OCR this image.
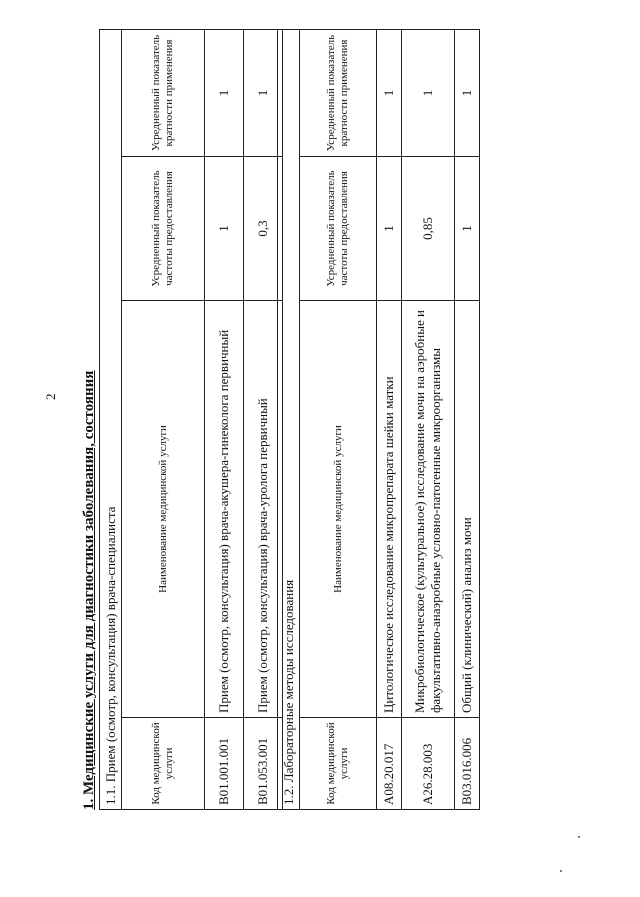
2 1. Медицинские услуги для диагностики заболевания, состояния 1.1. Прием (осмотр, консультация) врача-специалиста			
Код медицинской услуги	Наименование медицинской услуги	Усредненный показатель частоты предоставления	Усредненный показатель кратности применения
B01.001.001	Прием (осмотр, консультация) врача-акушера-гинеколога первичный	1	1
B01.053.001	Прием (осмотр, консультация) врача-уролога первичный	0,3	1
1.2. Лабораторные методы исследования			
Код медицинской услуги	Наименование медицинской услуги	Усредненный показатель частоты предоставления	Усредненный показатель кратности применения
A08.20.017	Цитологическое исследование микропрепарата шейки матки	1	1
A26.28.003	Микробиологическое (культуральное) исследование мочи на аэробные и факультативно-анаэробные условно-патогенные микроорганизмы	0,85	1
B03.016.006	Общий (клинический) анализ мочи	1	1
